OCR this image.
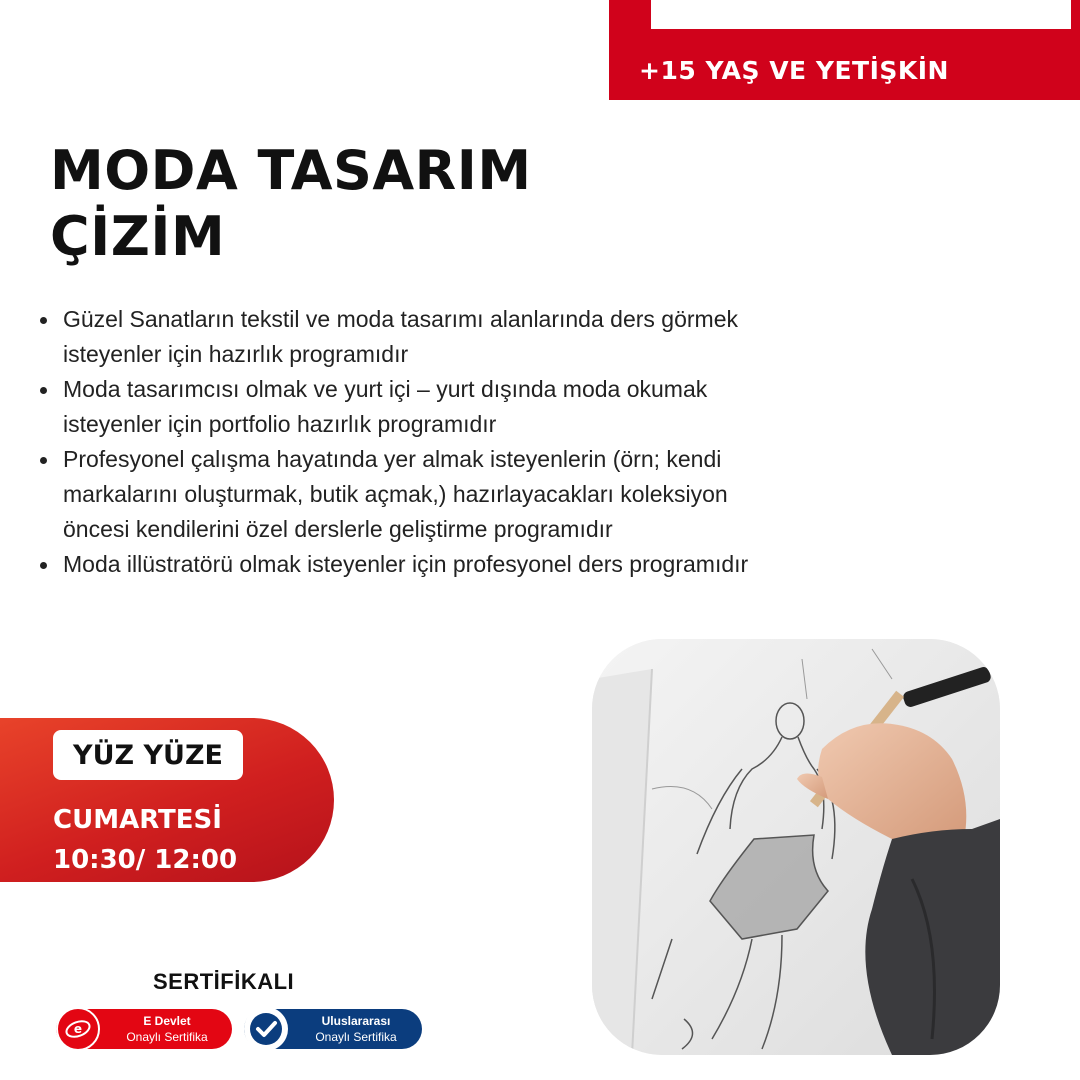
+15 YAŞ VE YETİŞKİN
MODA TASARIM
ÇİZİM
Güzel Sanatların tekstil ve moda tasarımı alanlarında ders görmek
isteyenler için hazırlık programıdır
Moda tasarımcısı olmak ve yurt içi – yurt dışında moda okumak
isteyenler için portfolio hazırlık programıdır
Profesyonel çalışma hayatında yer almak isteyenlerin (örn; kendi
markalarını oluşturmak, butik açmak,) hazırlayacakları koleksiyon
öncesi kendilerini özel derslerle geliştirme programıdır
Moda illüstratörü olmak isteyenler için profesyonel ders programıdır
YÜZ YÜZE
CUMARTESİ
10:30/ 12:00
SERTİFİKALI
e
E Devlet
Onaylı Sertifika
Uluslararası
Onaylı Sertifika
